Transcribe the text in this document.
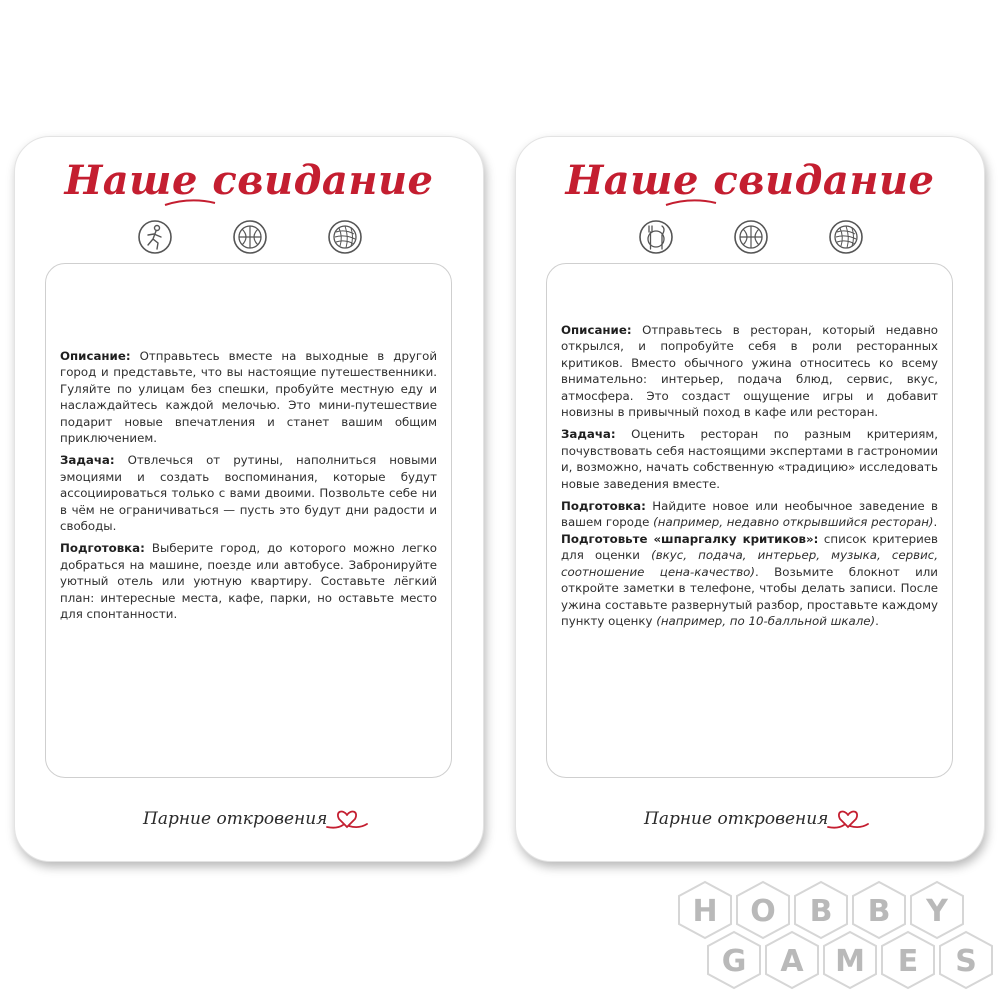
Наше свидание

Описание: Отправьтесь вместе на выходные в другой город и представьте, что вы настоящие путешественники. Гуляйте по улицам без спешки, пробуйте местную еду и наслаждайтесь каждой мелочью. Это мини-путешествие подарит новые впечатления и станет вашим общим приключением.

Задача: Отвлечься от рутины, наполниться новыми эмоциями и создать воспоминания, которые будут ассоциироваться только с вами двоими. Позвольте себе ни в чём не ограничиваться — пусть это будут дни радости и свободы.

Подготовка: Выберите город, до которого можно легко добраться на машине, поезде или автобусе. Забронируйте уютный отель или уютную квартиру. Составьте лёгкий план: интересные места, кафе, парки, но оставьте место для спонтанности.

Парние откровения
Наше свидание

Описание: Отправьтесь в ресторан, который недавно открылся, и попробуйте себя в роли ресторанных критиков. Вместо обычного ужина относитесь ко всему внимательно: интерьер, подача блюд, сервис, вкус, атмосфера. Это создаст ощущение игры и добавит новизны в привычный поход в кафе или ресторан.

Задача: Оценить ресторан по разным критериям, почувствовать себя настоящими экспертами в гастрономии и, возможно, начать собственную «традицию» исследовать новые заведения вместе.

Подготовка: Найдите новое или необычное заведение в вашем городе (например, недавно открывшийся ресторан).

Подготовьте «шпаргалку критиков»: список критериев для оценки (вкус, подача, интерьер, музыка, сервис, соотношение цена-качество). Возьмите блокнот или откройте заметки в телефоне, чтобы делать записи. После ужина составьте развернутый разбор, проставьте каждому пункту оценку (например, по 10-балльной шкале).

Парние откровения
H O B B Y
G A M E S
